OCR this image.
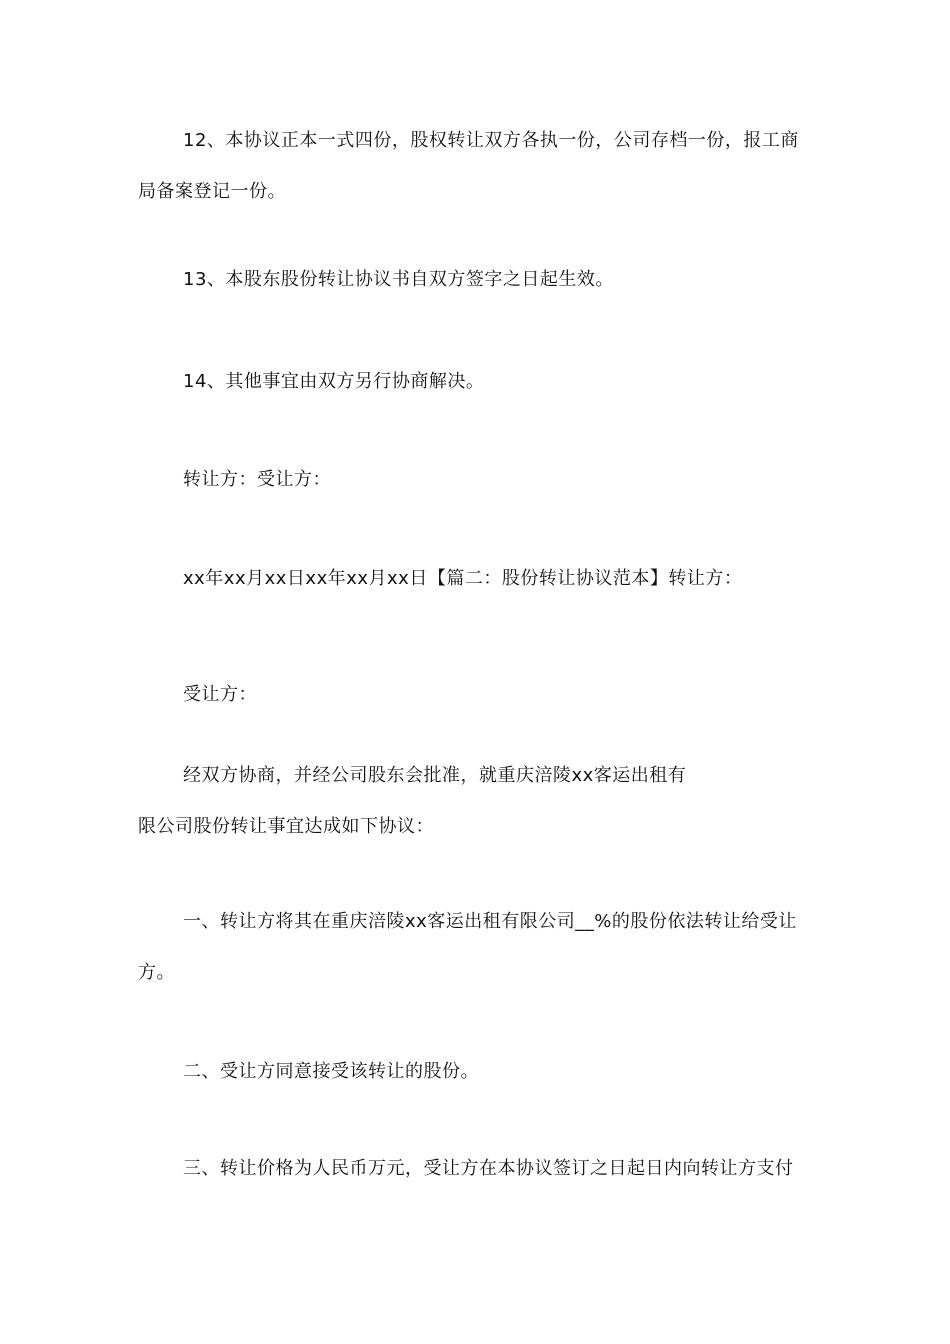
12、本协议正本一式四份，股权转让双方各执一份，公司存档一份，报工商
局备案登记一份。
13、本股东股份转让协议书自双方签字之日起生效。
14、其他事宜由双方另行协商解决。
转让方：受让方：
xx年xx月xx日xx年xx月xx日【篇二：股份转让协议范本】转让方：
受让方：
经双方协商，并经公司股东会批准，就重庆涪陵xx客运出租有
限公司股份转让事宜达成如下协议：
一、转让方将其在重庆涪陵xx客运出租有限公司__%的股份依法转让给受让
方。
二、受让方同意接受该转让的股份。
三、转让价格为人民币万元，受让方在本协议签订之日起日内向转让方支付
